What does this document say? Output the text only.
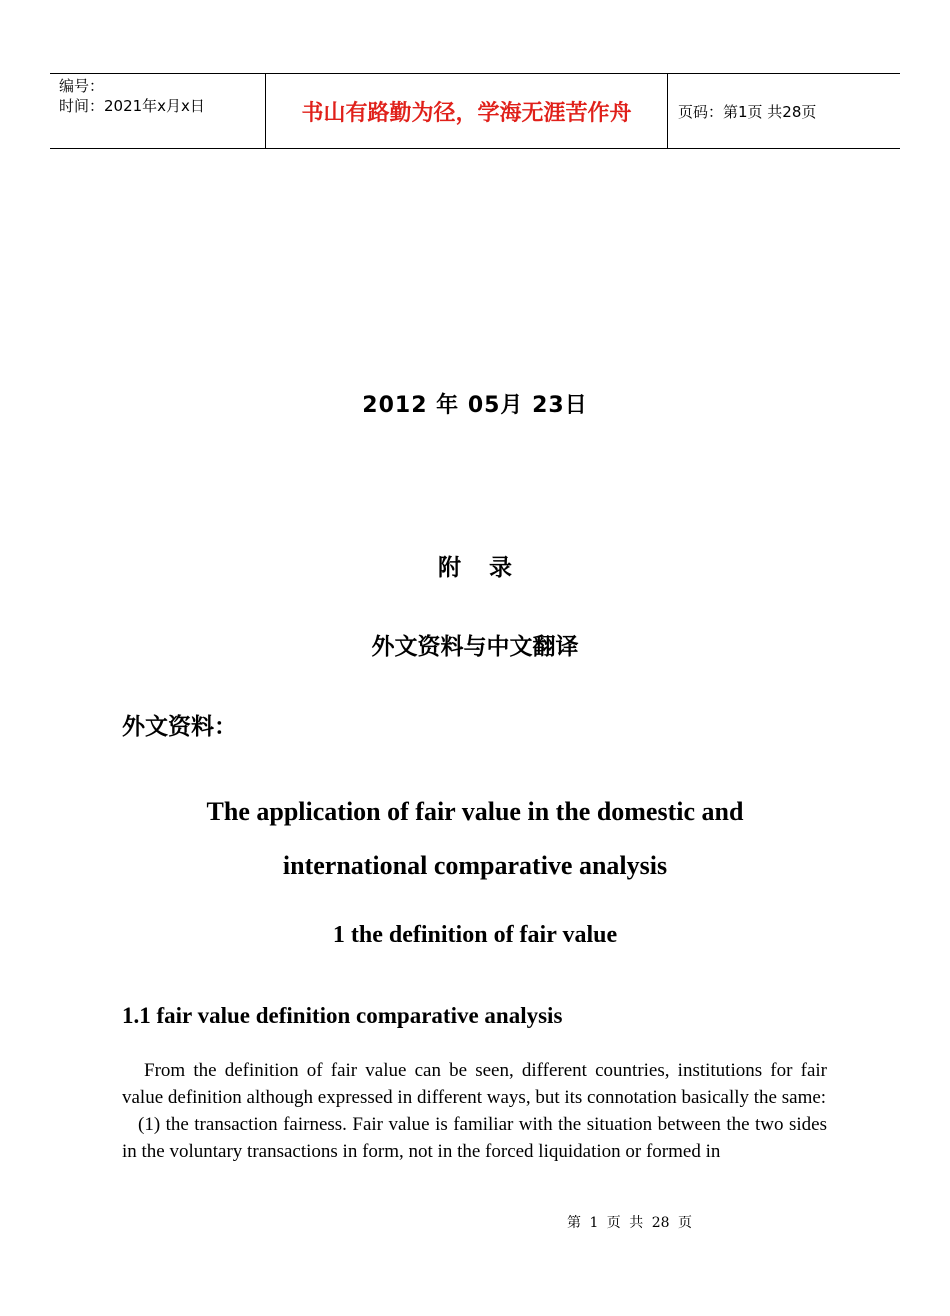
编号：
时间：2021年x月x日	书山有路勤为径，学海无涯苦作舟	页码：第1页 共28页
2012 年 05月 23日
附录
外文资料与中文翻译
外文资料：
The application of fair value in the domestic and
international comparative analysis
1 the definition of fair value
1.1 fair value definition comparative analysis

From the definition of fair value can be seen, different countries, institutions for fair value definition although expressed in different ways, but its connotation basically the same:

(1) the transaction fairness. Fair value is familiar with the situation between the two sides in the voluntary transactions in form, not in the forced liquidation or formed in

第 1 页 共 28 页
